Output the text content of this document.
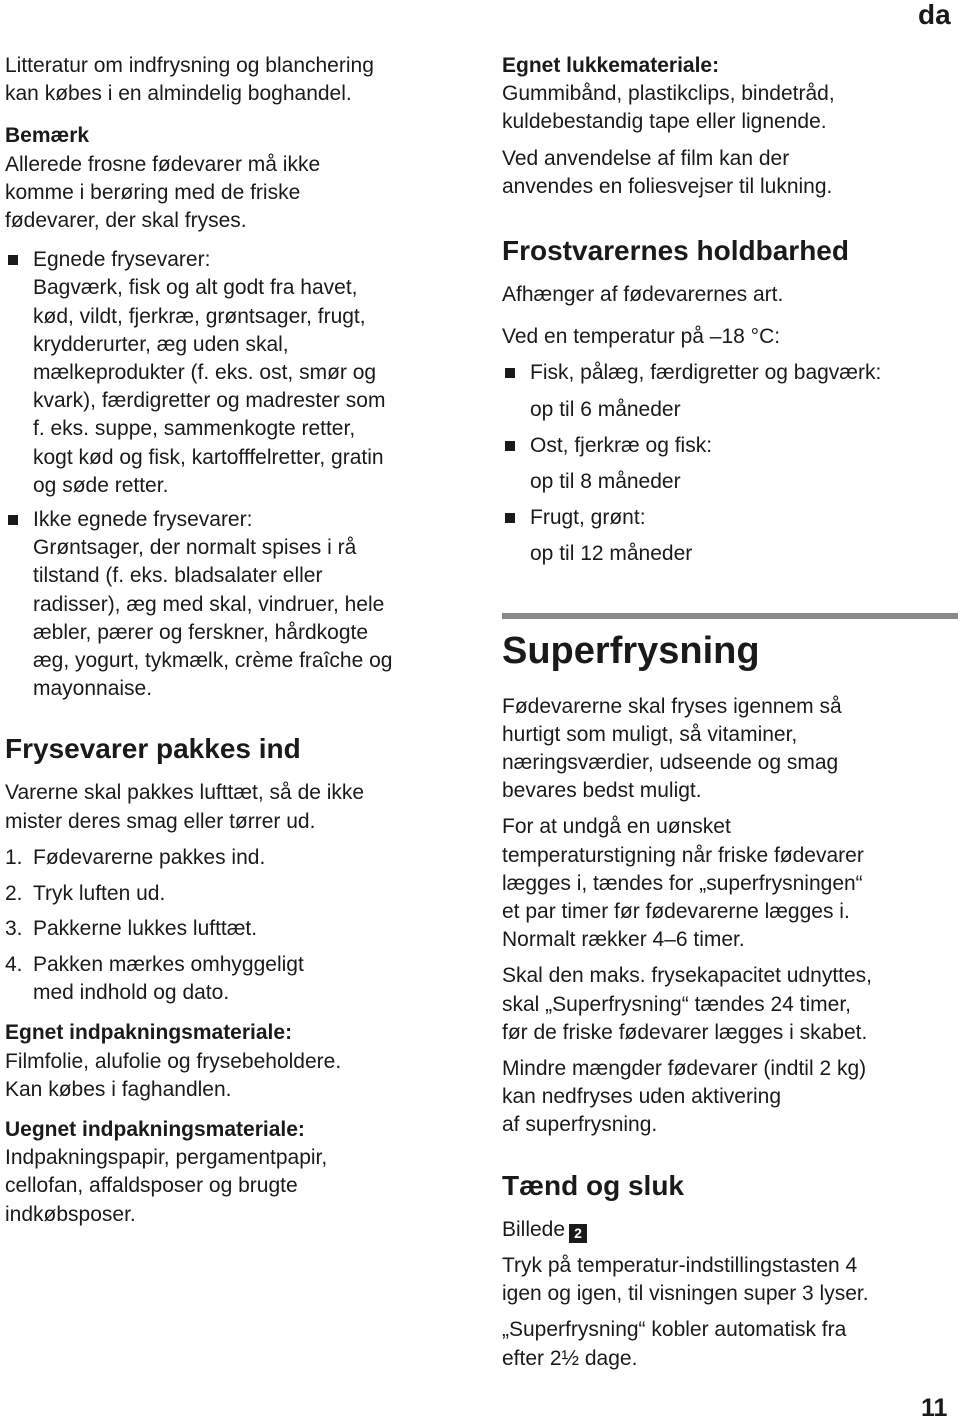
da
Litteratur om indfrysning og blanchering
kan købes i en almindelig boghandel.
Bemærk
Allerede frosne fødevarer må ikke
komme i berøring med de friske
fødevarer, der skal fryses.
Egnede frysevarer:
Bagværk, fisk og alt godt fra havet,
kød, vildt, fjerkræ, grøntsager, frugt,
krydderurter, æg uden skal,
mælkeprodukter (f. eks. ost, smør og
kvark), færdigretter og madrester som
f. eks. suppe, sammenkogte retter,
kogt kød og fisk, kartofffelretter, gratin
og søde retter.
Ikke egnede frysevarer:
Grøntsager, der normalt spises i rå
tilstand (f. eks. bladsalater eller
radisser), æg med skal, vindruer, hele
æbler, pærer og ferskner, hårdkogte
æg, yogurt, tykmælk, crème fraîche og
mayonnaise.
Frysevarer pakkes ind
Varerne skal pakkes lufttæt, så de ikke
mister deres smag eller tørrer ud.
1. Fødevarerne pakkes ind.
2. Tryk luften ud.
3. Pakkerne lukkes lufttæt.
4. Pakken mærkes omhyggeligt
med indhold og dato.
Egnet indpakningsmateriale:
Filmfolie, alufolie og frysebeholdere.
Kan købes i faghandlen.
Uegnet indpakningsmateriale:
Indpakningspapir, pergamentpapir,
cellofan, affaldsposer og brugte
indkøbsposer.
Egnet lukkemateriale:
Gummibånd, plastikclips, bindetråd,
kuldebestandig tape eller lignende.
Ved anvendelse af film kan der
anvendes en foliesvejser til lukning.
Frostvarernes holdbarhed

Afhænger af fødevarernes art.

Ved en temperatur på –18 °C:

Fisk, pålæg, færdigretter og bagværk:
op til 6 måneder
Ost, fjerkræ og fisk:
op til 8 måneder
Frugt, grønt:
op til 12 måneder
Superfrysning
Fødevarerne skal fryses igennem så
hurtigt som muligt, så vitaminer,
næringsværdier, udseende og smag
bevares bedst muligt.
For at undgå en uønsket
temperaturstigning når friske fødevarer
lægges i, tændes for „superfrysningen“
et par timer før fødevarerne lægges i.
Normalt rækker 4–6 timer.
Skal den maks. frysekapacitet udnyttes,
skal „Superfrysning“ tændes 24 timer,
før de friske fødevarer lægges i skabet.
Mindre mængder fødevarer (indtil 2 kg)
kan nedfryses uden aktivering
af superfrysning.
Tænd og sluk

Billede 2

Tryk på temperatur-indstillingstasten 4
igen og igen, til visningen super 3 lyser.
„Superfrysning“ kobler automatisk fra
efter 2½ dage.
11
